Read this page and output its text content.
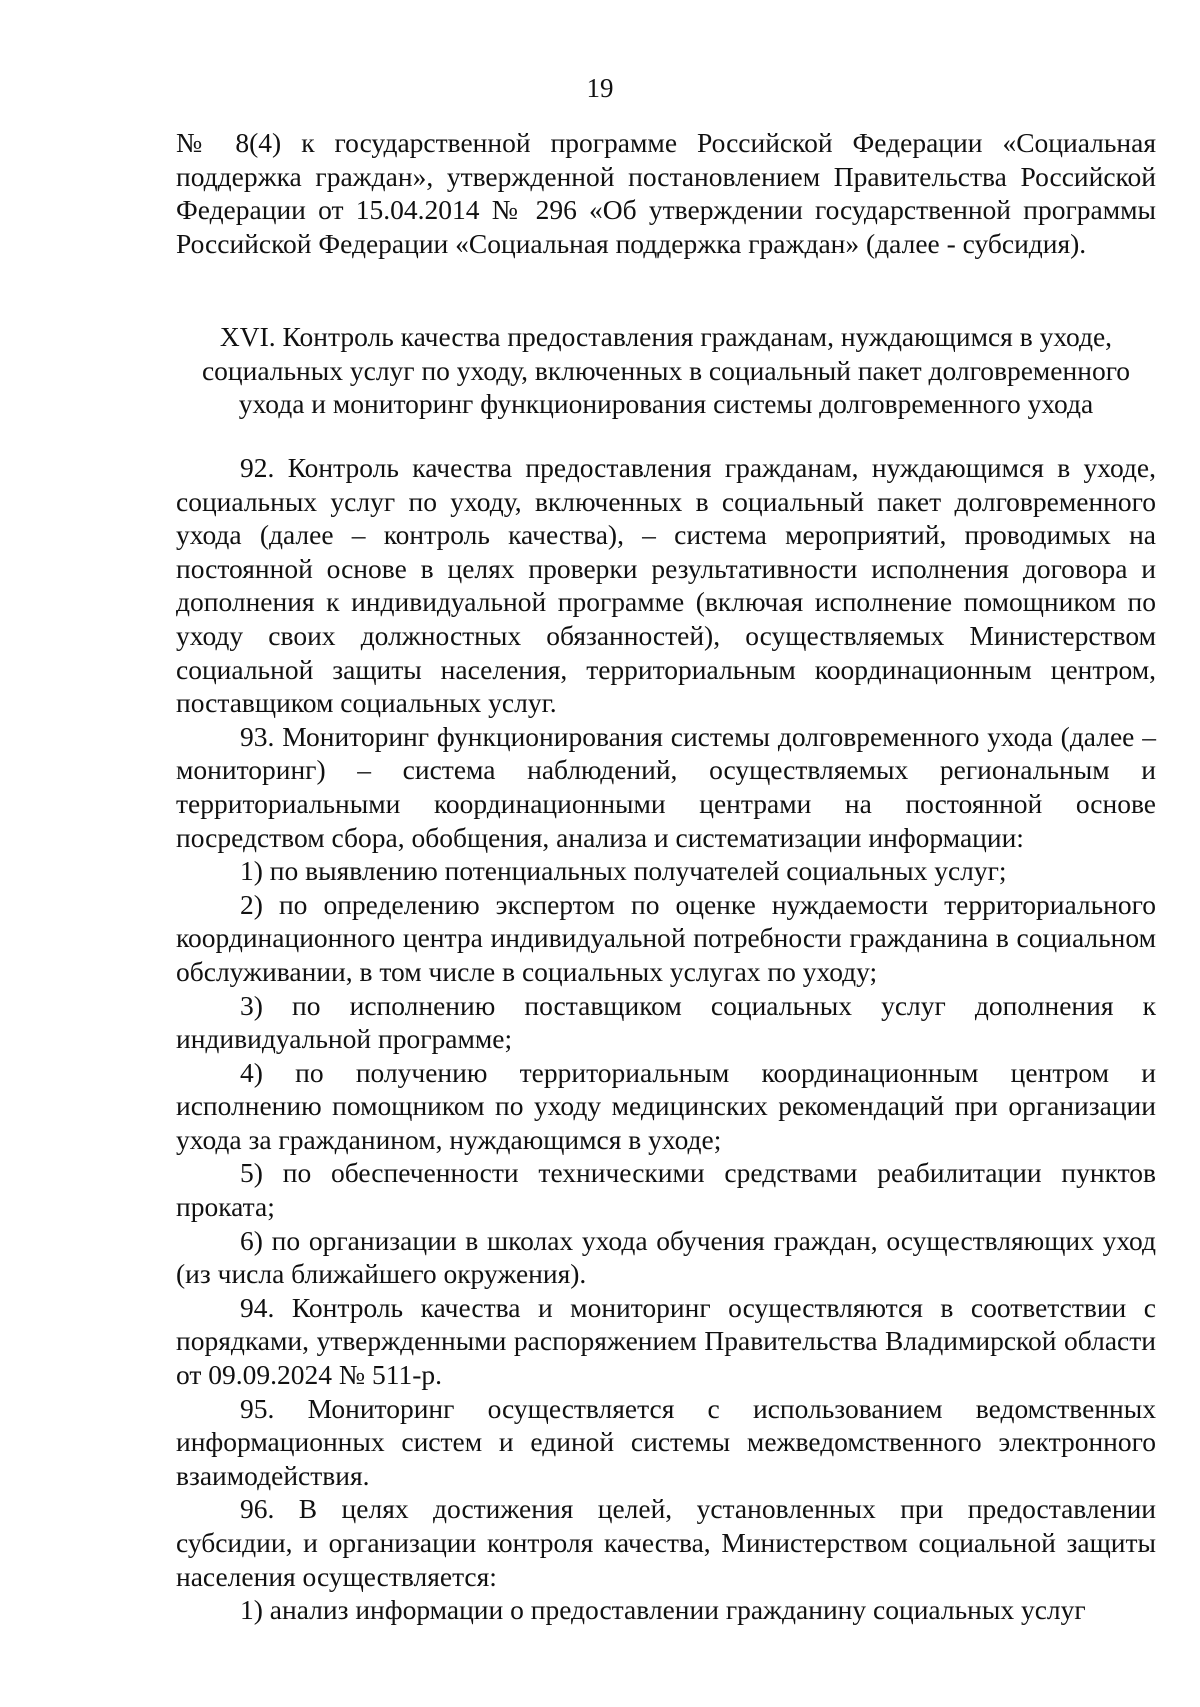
19

№ 8(4) к государственной программе Российской Федерации «Социальная поддержка граждан», утвержденной постановлением Правительства Российской Федерации от 15.04.2014 № 296 «Об утверждении государственной программы Российской Федерации «Социальная поддержка граждан» (далее - субсидия).

XVI. Контроль качества предоставления гражданам, нуждающимся в уходе,
социальных услуг по уходу, включенных в социальный пакет долговременного
ухода и мониторинг функционирования системы долговременного ухода

92. Контроль качества предоставления гражданам, нуждающимся в уходе, социальных услуг по уходу, включенных в социальный пакет долговременного ухода (далее – контроль качества), – система мероприятий, проводимых на постоянной основе в целях проверки результативности исполнения договора и дополнения к индивидуальной программе (включая исполнение помощником по уходу своих должностных обязанностей), осуществляемых Министерством социальной защиты населения, территориальным координационным центром, поставщиком социальных услуг.

93. Мониторинг функционирования системы долговременного ухода (далее – мониторинг) – система наблюдений, осуществляемых региональным и территориальными координационными центрами на постоянной основе посредством сбора, обобщения, анализа и систематизации информации:

1) по выявлению потенциальных получателей социальных услуг;

2) по определению экспертом по оценке нуждаемости территориального координационного центра индивидуальной потребности гражданина в социальном обслуживании, в том числе в социальных услугах по уходу;

3) по исполнению поставщиком социальных услуг дополнения к индивидуальной программе;

4) по получению территориальным координационным центром и исполнению помощником по уходу медицинских рекомендаций при организации ухода за гражданином, нуждающимся в уходе;

5) по обеспеченности техническими средствами реабилитации пунктов проката;

6) по организации в школах ухода обучения граждан, осуществляющих уход (из числа ближайшего окружения).

94. Контроль качества и мониторинг осуществляются в соответствии с порядками, утвержденными распоряжением Правительства Владимирской области от 09.09.2024 № 511-р.

95. Мониторинг осуществляется с использованием ведомственных информационных систем и единой системы межведомственного электронного взаимодействия.

96. В целях достижения целей, установленных при предоставлении субсидии, и организации контроля качества, Министерством социальной защиты населения осуществляется:

1) анализ информации о предоставлении гражданину социальных услуг
